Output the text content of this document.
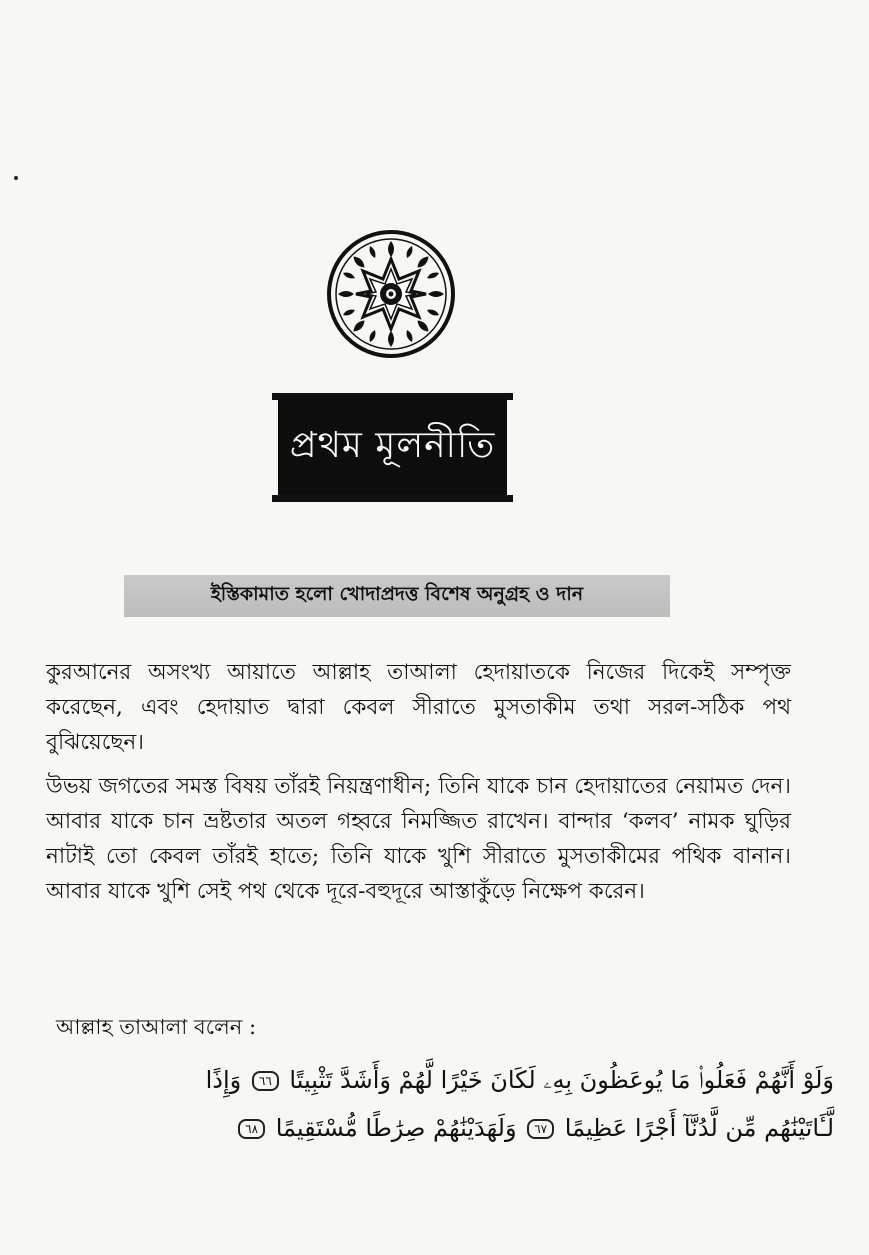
প্রথম মূলনীতি
ইস্তিকামাত হলো খোদাপ্রদত্ত বিশেষ অনুগ্রহ ও দান

কুরআনের অসংখ্য আয়াতে আল্লাহ তাআলা হেদায়াতকে নিজের দিকেই সম্পৃক্ত করেছেন, এবং হেদায়াত দ্বারা কেবল সীরাতে মুসতাকীম তথা সরল-সঠিক পথ বুঝিয়েছেন।

উভয় জগতের সমস্ত বিষয় তাঁরই নিয়ন্ত্রণাধীন; তিনি যাকে চান হেদায়াতের নেয়ামত দেন। আবার যাকে চান ভ্রষ্টতার অতল গহ্বরে নিমজ্জিত রাখেন। বান্দার ‘কলব’ নামক ঘুড়ির নাটাই তো কেবল তাঁরই হাতে; তিনি যাকে খুশি সীরাতে মুসতাকীমের পথিক বানান। আবার যাকে খুশি সেই পথ থেকে দূরে-বহুদূরে আস্তাকুঁড়ে নিক্ষেপ করেন।

আল্লাহ তাআলা বলেন :
وَلَوْ أَنَّهُمْ فَعَلُوا۟ مَا يُوعَظُونَ بِهِۦ لَكَانَ خَيْرًا لَّهُمْ وَأَشَدَّ تَثْبِيتًا ٦٦ وَإِذًا
لَّـَٔاتَيْنَٰهُم مِّن لَّدُنَّآ أَجْرًا عَظِيمًا ٦٧ وَلَهَدَيْنَٰهُمْ صِرَٰطًا مُّسْتَقِيمًا ٦٨
